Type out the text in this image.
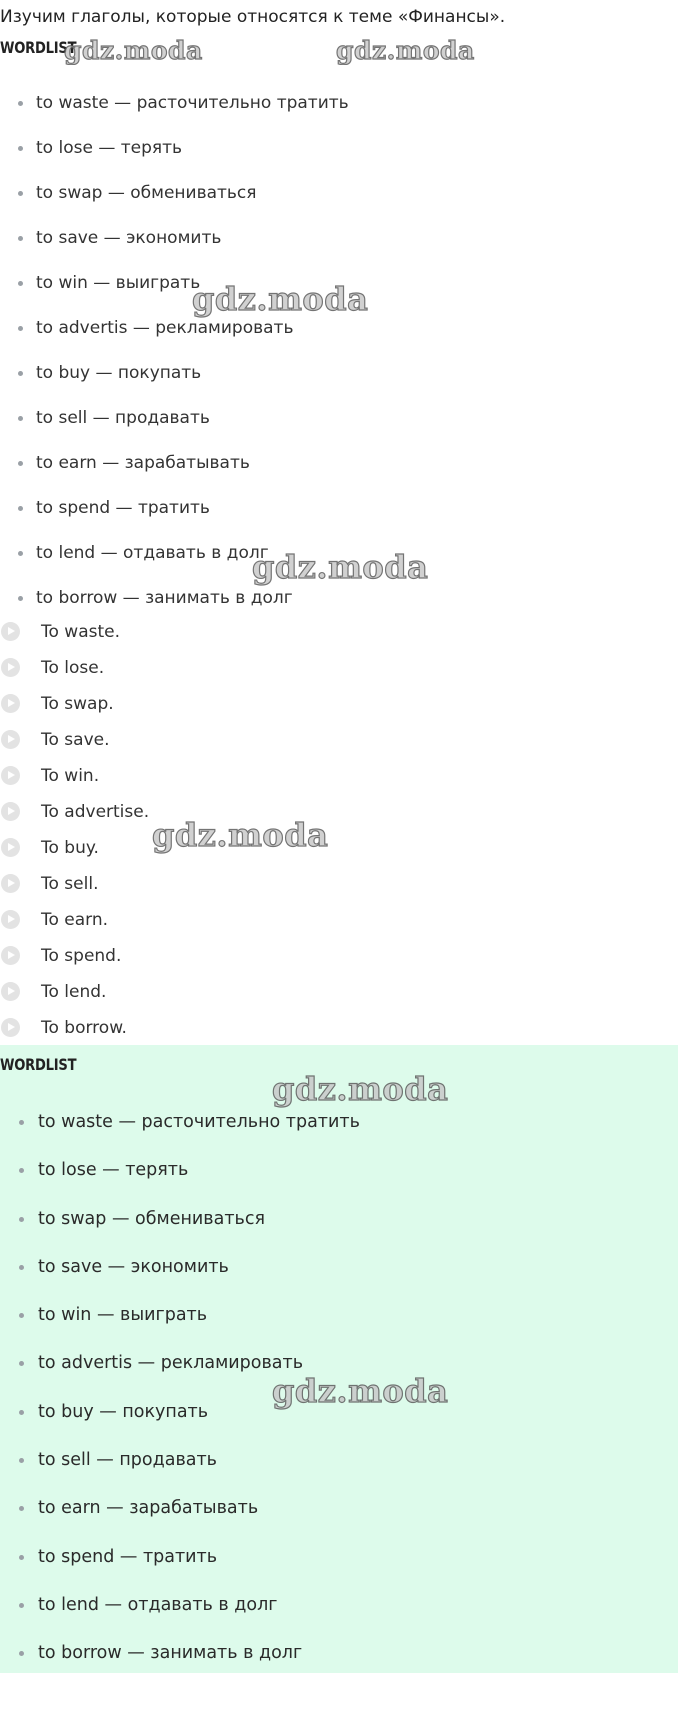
Изучим глаголы, которые относятся к теме «Финансы».
WORDLIST
to waste — расточительно тратить
to lose — терять
to swap — обмениваться
to save — экономить
to win — выиграть
to advertis — рекламировать
to buy — покупать
to sell — продавать
to earn — зарабатывать
to spend — тратить
to lend — отдавать в долг
to borrow — занимать в долг
To waste.
To lose.
To swap.
To save.
To win.
To advertise.
To buy.
To sell.
To earn.
To spend.
To lend.
To borrow.
WORDLIST
to waste — расточительно тратить
to lose — терять
to swap — обмениваться
to save — экономить
to win — выиграть
to advertis — рекламировать
to buy — покупать
to sell — продавать
to earn — зарабатывать
to spend — тратить
to lend — отдавать в долг
to borrow — занимать в долг
gdz.moda	gdz.moda
gdz.moda
gdz.moda
gdz.moda
gdz.moda
gdz.moda
